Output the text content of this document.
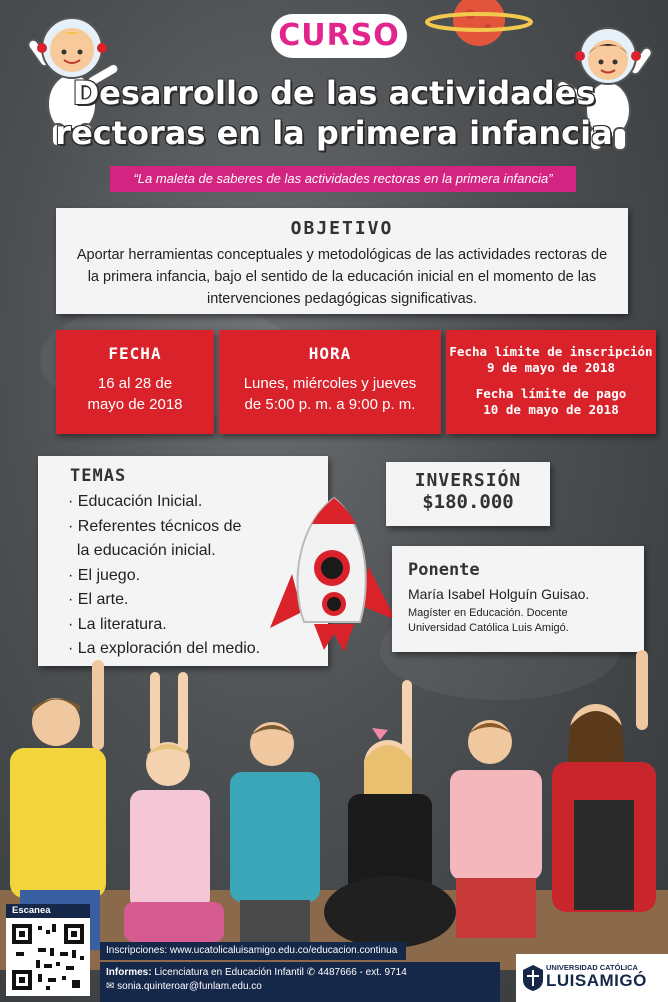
CURSO
Desarrollo de las actividades
rectoras en la primera infancia
“La maleta de saberes de las actividades rectoras en la primera infancia”
OBJETIVO
Aportar herramientas conceptuales y metodológicas de las actividades rectoras de la primera infancia, bajo el sentido de la educación inicial en el momento de las intervenciones pedagógicas significativas.
FECHA
16 al 28 de
mayo de 2018
HORA
Lunes, miércoles y jueves
de 5:00 p. m. a 9:00 p. m.
Fecha límite de inscripción
9 de mayo de 2018
Fecha límite de pago
10 de mayo de 2018
TEMAS
· Educación Inicial.
· Referentes técnicos de
la educación inicial.
· El juego.
· El arte.
· La literatura.
· La exploración del medio.
INVERSIÓN
$180.000
Ponente
María Isabel Holguín Guisao.
Magíster en Educación. Docente
Universidad Católica Luis Amigó.
Escanea
Inscripciones: www.ucatolicaluisamigo.edu.co/educacion.continua
Informes: Licenciatura en Educación Infantil ✆ 4487666 - ext. 9714
✉ sonia.quinteroar@funlam.edu.co
UNIVERSIDAD CATÓLICA
LUISAMIGÓ
